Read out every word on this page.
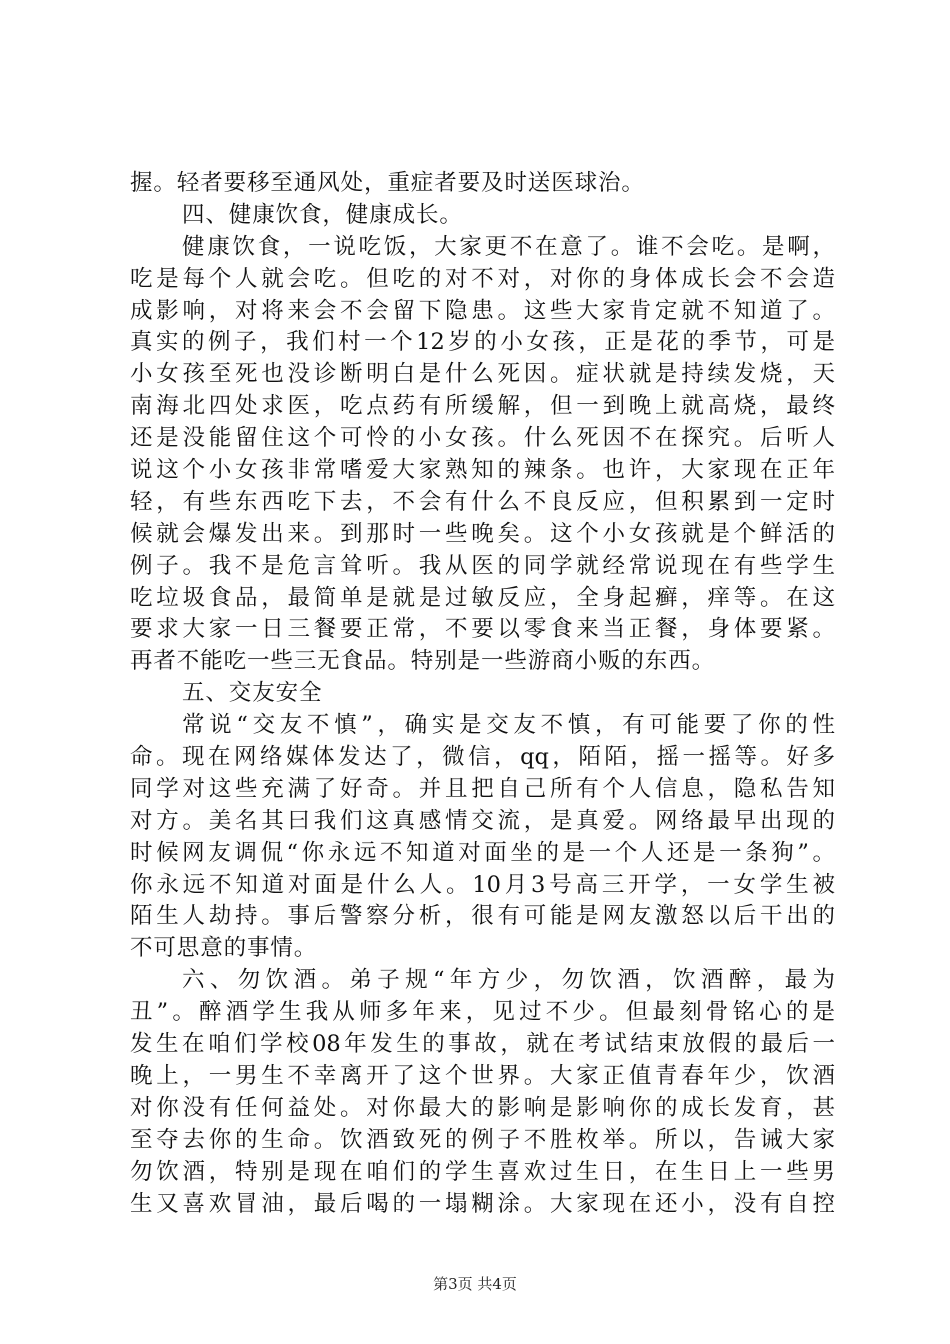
握。轻者要移至通风处，重症者要及时送医球治。
四、健康饮食，健康成长。
健康饮食，一说吃饭，大家更不在意了。谁不会吃。是啊，
吃是每个人就会吃。但吃的对不对，对你的身体成长会不会造
成影响，对将来会不会留下隐患。这些大家肯定就不知道了。
真实的例子，我们村一个12岁的小女孩，正是花的季节，可是
小女孩至死也没诊断明白是什么死因。症状就是持续发烧，天
南海北四处求医，吃点药有所缓解，但一到晚上就高烧，最终
还是没能留住这个可怜的小女孩。什么死因不在探究。后听人
说这个小女孩非常嗜爱大家熟知的辣条。也许，大家现在正年
轻，有些东西吃下去，不会有什么不良反应，但积累到一定时
候就会爆发出来。到那时一些晚矣。这个小女孩就是个鲜活的
例子。我不是危言耸听。我从医的同学就经常说现在有些学生
吃垃圾食品，最简单是就是过敏反应，全身起癣，痒等。在这
要求大家一日三餐要正常，不要以零食来当正餐，身体要紧。
再者不能吃一些三无食品。特别是一些游商小贩的东西。
五、交友安全
常说“交友不慎”，确实是交友不慎，有可能要了你的性
命。现在网络媒体发达了，微信，qq，陌陌，摇一摇等。好多
同学对这些充满了好奇。并且把自己所有个人信息，隐私告知
对方。美名其曰我们这真感情交流，是真爱。网络最早出现的
时候网友调侃“你永远不知道对面坐的是一个人还是一条狗”。
你永远不知道对面是什么人。10月3号高三开学，一女学生被
陌生人劫持。事后警察分析，很有可能是网友激怒以后干出的
不可思意的事情。
六、勿饮酒。弟子规“年方少，勿饮酒，饮酒醉，最为
丑”。醉酒学生我从师多年来，见过不少。但最刻骨铭心的是
发生在咱们学校08年发生的事故，就在考试结束放假的最后一
晚上，一男生不幸离开了这个世界。大家正值青春年少，饮酒
对你没有任何益处。对你最大的影响是影响你的成长发育，甚
至夺去你的生命。饮酒致死的例子不胜枚举。所以，告诫大家
勿饮酒，特别是现在咱们的学生喜欢过生日，在生日上一些男
生又喜欢冒油，最后喝的一塌糊涂。大家现在还小，没有自控
第3页 共4页
